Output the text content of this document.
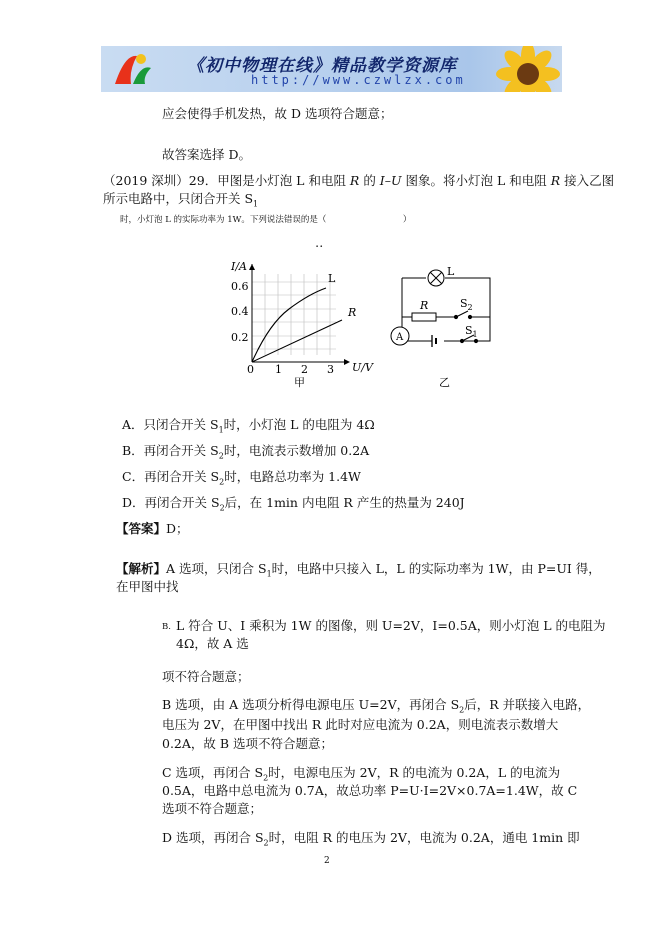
《初中物理在线》精品教学资源库
http://www.czwlzx.com
应会使得手机发热，故 D 选项符合题意；
故答案选择 D。
（2019 深圳）29．甲图是小灯泡 L 和电阻 R 的 I–U 图象。将小灯泡 L 和电阻 R 接入乙图
所示电路中，只闭合开关 $S_1$
时，小灯泡 L 的实际功率为 1W。下列说法错误的是（　　　　　　　　　）
‥
I/A
U/V
0.6
0.4
0.2
0 1 2 3
L
R
甲
L
R	$S_2$
$S_1$
A
乙
A．只闭合开关 $S_1$时，小灯泡 L 的电阻为 4Ω
B．再闭合开关 $S_2$时，电流表示数增加 0.2A
C．再闭合开关 $S_2$时，电路总功率为 1.4W
D．再闭合开关 $S_2$后，在 1min 内电阻 R 产生的热量为 240J
【答案】D；
【解析】A 选项，只闭合 $S_1$时，电路中只接入 L，L 的实际功率为 1W，由 P=UI 得，
在甲图中找
B. L 符合 U、I 乘积为 1W 的图像，则 U=2V，I=0.5A，则小灯泡 L 的电阻为
4Ω，故 A 选
项不符合题意；
B 选项，由 A 选项分析得电源电压 U=2V，再闭合 $S_2$后，R 并联接入电路，
电压为 2V，在甲图中找出 R 此时对应电流为 0.2A，则电流表示数增大
0.2A，故 B 选项不符合题意；
C 选项，再闭合 $S_2$时，电源电压为 2V，R 的电流为 0.2A，L 的电流为
0.5A，电路中总电流为 0.7A，故总功率 P=U·I=2V×0.7A=1.4W，故 C
选项不符合题意；
D 选项，再闭合 $S_2$时，电阻 R 的电压为 2V，电流为 0.2A，通电 1min 即
2
